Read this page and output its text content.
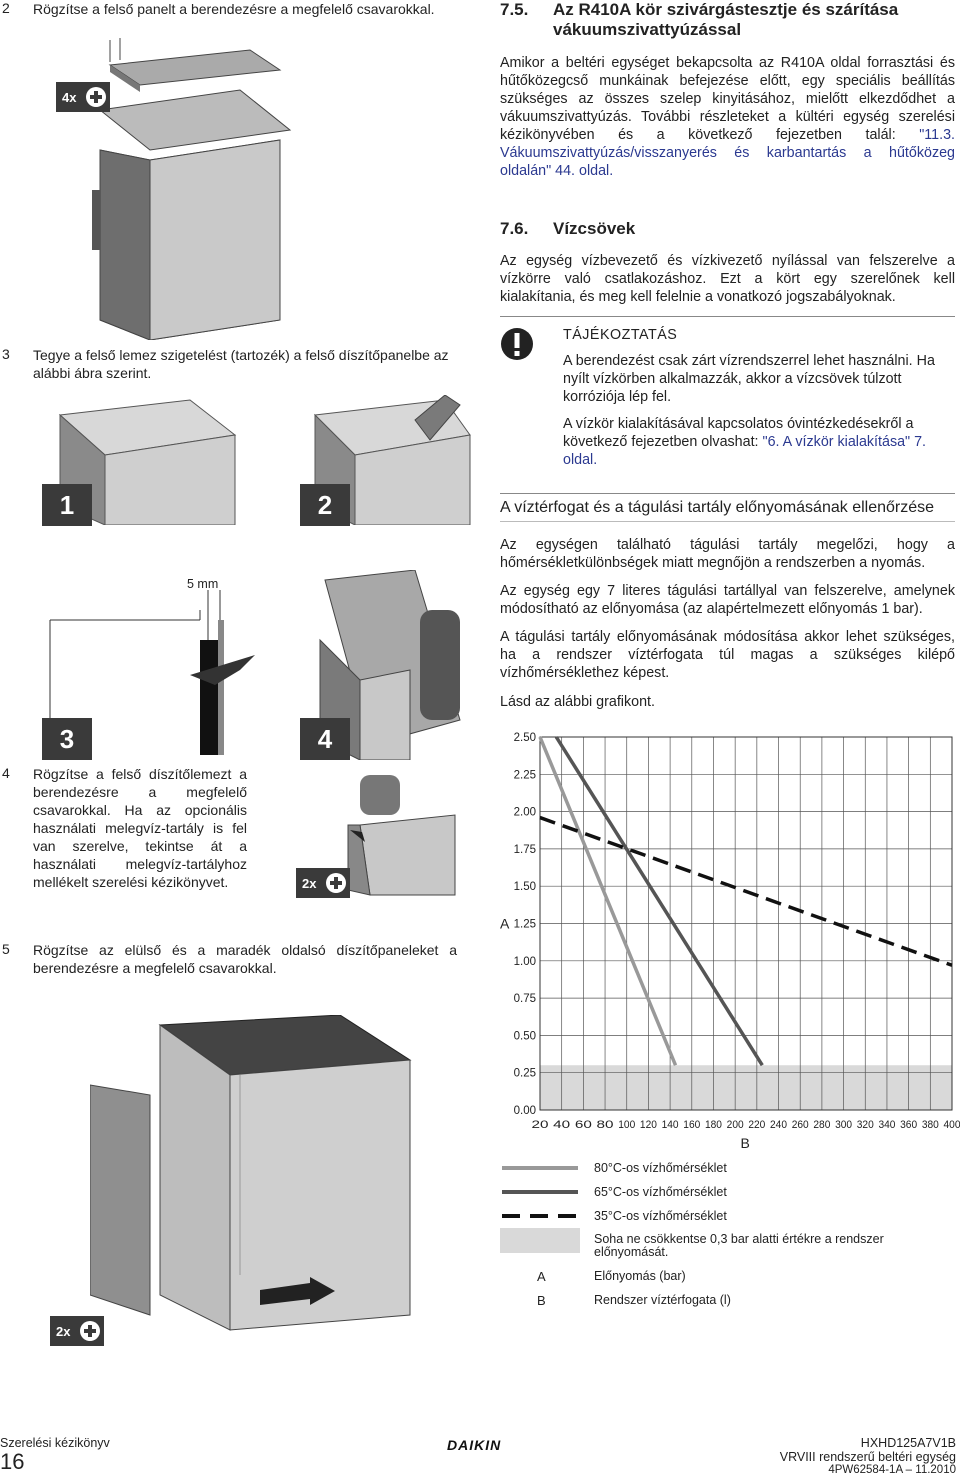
2 Rögzítse a felső panelt a berendezésre a megfelelő csavarokkal.
4x
3 Tegye a felső lemez szigetelést (tartozék) a felső díszítőpanelbe az alábbi ábra szerint.
1	2
5 mm
3	4
4 Rögzítse a felső díszítőlemezt a berendezésre a megfelelő csavarokkal. Ha az opcionális használati melegvíz-tartály is fel van szerelve, tekintse át a használati melegvíz-tartályhoz mellékelt szerelési kézikönyvet.	2x
5 Rögzítse az elülső és a maradék oldalsó díszítőpaneleket a berendezésre a megfelelő csavarokkal.
2x
7.5. Az R410A kör szivárgástesztje és szárítása
vákuumszivattyúzással
Amikor a beltéri egységet bekapcsolta az R410A oldal forrasztási és hűtőközegcső munkáinak befejezése előtt, egy speciális beállítás szükséges az összes szelep kinyitásához, mielőtt elkezdődhet a vákuumszivattyúzás. További részleteket a kültéri egység szerelési kézikönyvében és a következő fejezetben talál: "11.3. Vákuumszivattyúzás/visszanyerés és karbantartás a hűtőközeg oldalán" 44. oldal.
7.6. Vízcsövek
Az egység vízbevezető és vízkivezető nyílással van felszerelve a vízkörre való csatlakozáshoz. Ezt a kört egy szerelőnek kell kialakítania, és meg kell felelnie a vonatkozó jogszabályoknak.
TÁJÉKOZTATÁS
A berendezést csak zárt vízrendszerrel lehet használni. Ha nyílt vízkörben alkalmazzák, akkor a vízcsövek túlzott korróziója lép fel.
A vízkör kialakításával kapcsolatos óvintézkedésekről a következő fejezetben olvashat: "6. A vízkör kialakítása" 7. oldal.
A víztérfogat és a tágulási tartály előnyomásának ellenőrzése
Az egységen található tágulási tartály megelőzi, hogy a hőmérsékletkülönbségek miatt megnőjön a rendszerben a nyomás.
Az egység egy 7 literes tágulási tartállyal van felszerelve, amelynek módosítható az előnyomása (az alapértelmezett előnyomás 1 bar).
A tágulási tartály előnyomásának módosítása akkor lehet szükséges, ha a rendszer víztérfogata túl magas a szükséges kilépő vízhőmérséklethez képest.
Lásd az alábbi grafikont.
0.00
0.25
0.50
0.75
1.00
1.25
1.50
1.75
2.00
2.25
2.50
20 40 60 80 100 120 140 160 180 200 220 240 260 280 300 320 340 360 380 400
A
B
80°C-os vízhőmérséklet
65°C-os vízhőmérséklet
35°C-os vízhőmérséklet
Soha ne csökkentse 0,3 bar alatti értékre a rendszer előnyomását.
A	Előnyomás (bar)
B	Rendszer víztérfogata (l)
Szerelési kézikönyv
16
DAIKIN	HXHD125A7V1B
VRVIII rendszerű beltéri egység
4PW62584-1A – 11.2010
